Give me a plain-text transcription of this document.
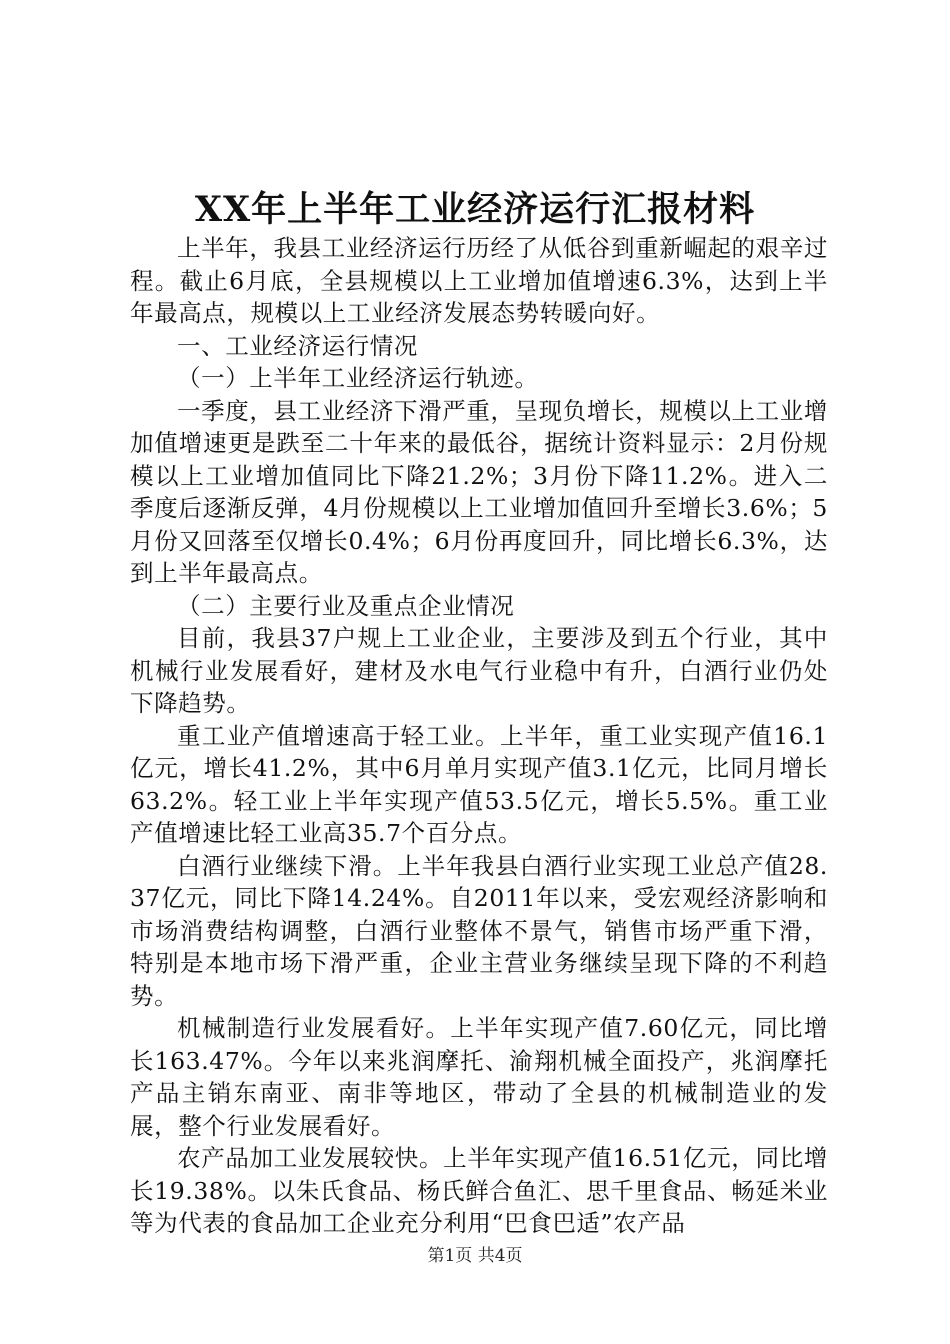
XX年上半年工业经济运行汇报材料

上半年，我县工业经济运行历经了从低谷到重新崛起的艰辛过程。截止6月底，全县规模以上工业增加值增速6.3%，达到上半年最高点，规模以上工业经济发展态势转暖向好。

一、工业经济运行情况

（一）上半年工业经济运行轨迹。

一季度，县工业经济下滑严重，呈现负增长，规模以上工业增加值增速更是跌至二十年来的最低谷，据统计资料显示：2月份规模以上工业增加值同比下降21.2%；3月份下降11.2%。进入二季度后逐渐反弹，4月份规模以上工业增加值回升至增长3.6%；5月份又回落至仅增长0.4%；6月份再度回升，同比增长6.3%，达到上半年最高点。

（二）主要行业及重点企业情况

目前，我县37户规上工业企业，主要涉及到五个行业，其中机械行业发展看好，建材及水电气行业稳中有升，白酒行业仍处下降趋势。

重工业产值增速高于轻工业。上半年，重工业实现产值16.1亿元，增长41.2%，其中6月单月实现产值3.1亿元，比同月增长63.2%。轻工业上半年实现产值53.5亿元，增长5.5%。重工业产值增速比轻工业高35.7个百分点。

白酒行业继续下滑。上半年我县白酒行业实现工业总产值28.37亿元，同比下降14.24%。自2011年以来，受宏观经济影响和市场消费结构调整，白酒行业整体不景气，销售市场严重下滑，特别是本地市场下滑严重，企业主营业务继续呈现下降的不利趋势。

机械制造行业发展看好。上半年实现产值7.60亿元，同比增长163.47%。今年以来兆润摩托、渝翔机械全面投产，兆润摩托产品主销东南亚、南非等地区，带动了全县的机械制造业的发展，整个行业发展看好。

农产品加工业发展较快。上半年实现产值16.51亿元，同比增长19.38%。以朱氏食品、杨氏鲜合鱼汇、思千里食品、畅延米业等为代表的食品加工企业充分利用“巴食巴适”农产品

第1页 共4页
